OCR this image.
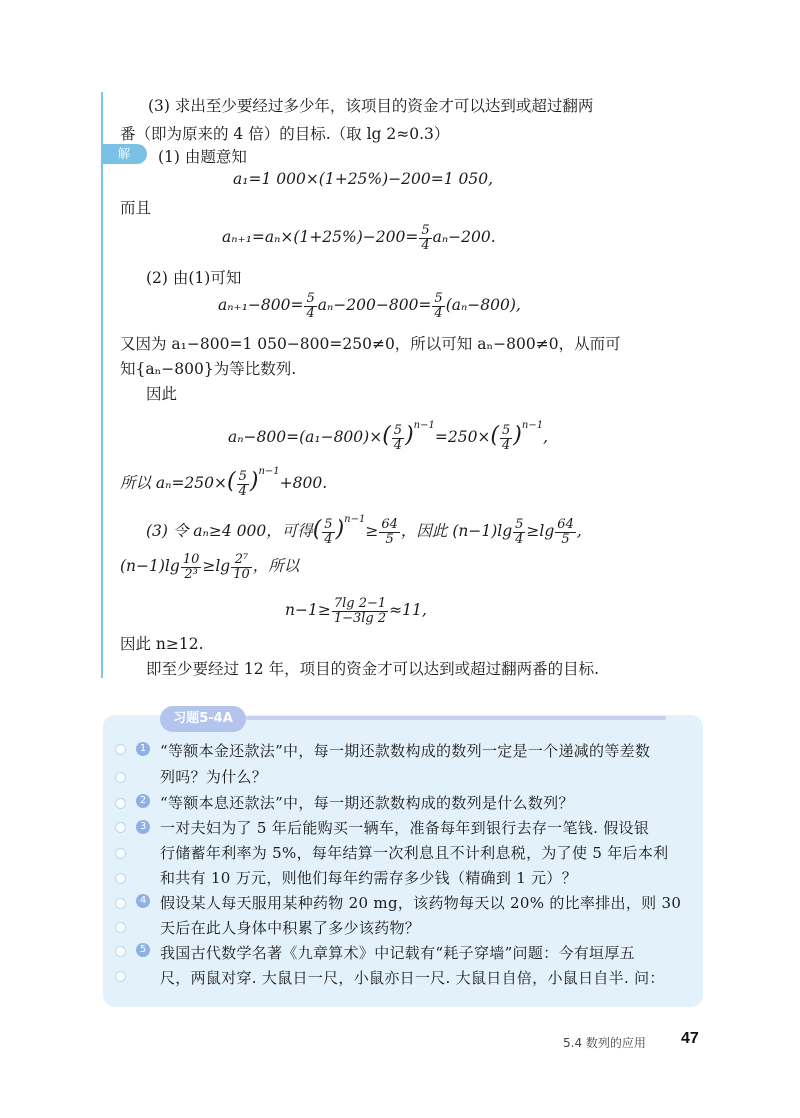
(3) 求出至少要经过多少年，该项目的资金才可以达到或超过翻两
番（即为原来的 4 倍）的目标.（取 lg 2≈0.3）
解	(1) 由题意知
a₁=1 000×(1+25%)−200=1 050,
而且
$a_{n+1}=a_n\times(1+25\%)-200= \frac{5}{4} a_n-200$.
(2) 由(1)可知
$a_{n+1}-800= \frac{5}{4} a_n-200-800= \frac{5}{4} (a_n-800)$,
又因为 a₁−800=1 050−800=250≠0，所以可知 aₙ−800≠0，从而可
知{aₙ−800}为等比数列.
因此
$a_n-800=(a_1-800)\times( \frac{5}{4} )^{n-1}=250\times( \frac{5}{4} )^{n-1}$,
所以 $a_n=250\times( \frac{5}{4} )^{n-1}+800$.
(3) 令 aₙ≥4 000，可得( $\frac{5}{4} )^{n-1}\ge \frac{64}{5}$ ，因此 $(n-1)\lg \frac{5}{4} \ge\lg \frac{64}{5}$ ,
$(n-1)\lg \frac{10}{\text{2³}} \ge\lg \frac{\text{2⁷}}{10}$ ，所以
$n-1\ge \frac{7\lg 2-1}{1-3\lg 2} \approx 11$,
因此 n≥12.
即至少要经过 12 年，项目的资金才可以达到或超过翻两番的目标.
习题5-4A
1
2
3
4
5
“等额本金还款法”中，每一期还款数构成的数列一定是一个递减的等差数
列吗？为什么？
“等额本息还款法”中，每一期还款数构成的数列是什么数列？
一对夫妇为了 5 年后能购买一辆车，准备每年到银行去存一笔钱. 假设银
行储蓄年利率为 5%，每年结算一次利息且不计利息税，为了使 5 年后本利
和共有 10 万元，则他们每年约需存多少钱（精确到 1 元）？
假设某人每天服用某种药物 20 mg，该药物每天以 20% 的比率排出，则 30
天后在此人身体中积累了多少该药物？
我国古代数学名著《九章算术》中记载有“耗子穿墙”问题：今有垣厚五
尺，两鼠对穿. 大鼠日一尺，小鼠亦日一尺. 大鼠日自倍，小鼠日自半. 问：
5.4 数列的应用 47
